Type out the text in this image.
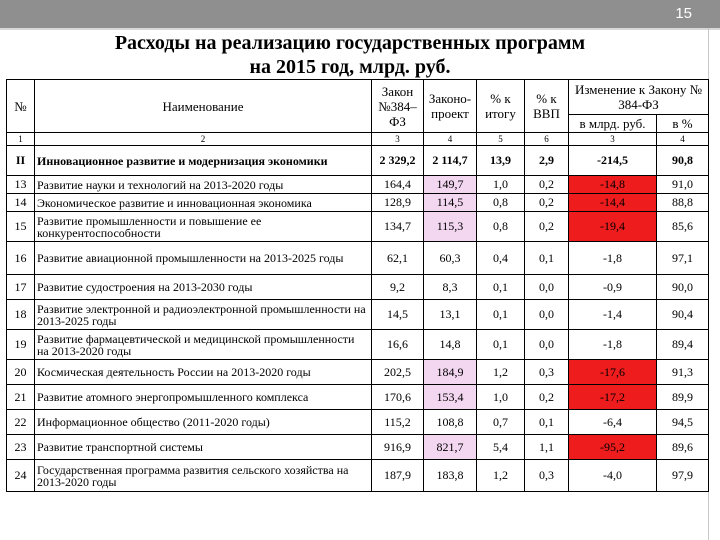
15
Расходы на реализацию государственных программ
на 2015 год, млрд. руб.
№	Наименование	Закон №384–ФЗ	Законо-проект	% к итогу	% к ВВП	Изменение к Закону № 384-ФЗ	
						в млрд. руб.	в %
1	2	3	4	5	6	3	4
II	Инновационное развитие и модернизация экономики	2 329,2	2 114,7	13,9	2,9	-214,5	90,8
13	Развитие науки и технологий на 2013-2020 годы	164,4	149,7	1,0	0,2	-14,8	91,0
14	Экономическое развитие и инновационная экономика	128,9	114,5	0,8	0,2	-14,4	88,8
15	Развитие промышленности и повышение ее конкурентоспособности	134,7	115,3	0,8	0,2	-19,4	85,6
16	Развитие авиационной промышленности на 2013-2025 годы	62,1	60,3	0,4	0,1	-1,8	97,1
17	Развитие судостроения на 2013-2030 годы	9,2	8,3	0,1	0,0	-0,9	90,0
18	Развитие электронной и радиоэлектронной промышленности на 2013-2025 годы	14,5	13,1	0,1	0,0	-1,4	90,4
19	Развитие фармацевтической и медицинской промышленности на 2013-2020 годы	16,6	14,8	0,1	0,0	-1,8	89,4
20	Космическая деятельность России на 2013-2020 годы	202,5	184,9	1,2	0,3	-17,6	91,3
21	Развитие атомного энергопромышленного комплекса	170,6	153,4	1,0	0,2	-17,2	89,9
22	Информационное общество (2011-2020 годы)	115,2	108,8	0,7	0,1	-6,4	94,5
23	Развитие транспортной системы	916,9	821,7	5,4	1,1	-95,2	89,6
24	Государственная программа развития сельского хозяйства на 2013-2020 годы	187,9	183,8	1,2	0,3	-4,0	97,9
